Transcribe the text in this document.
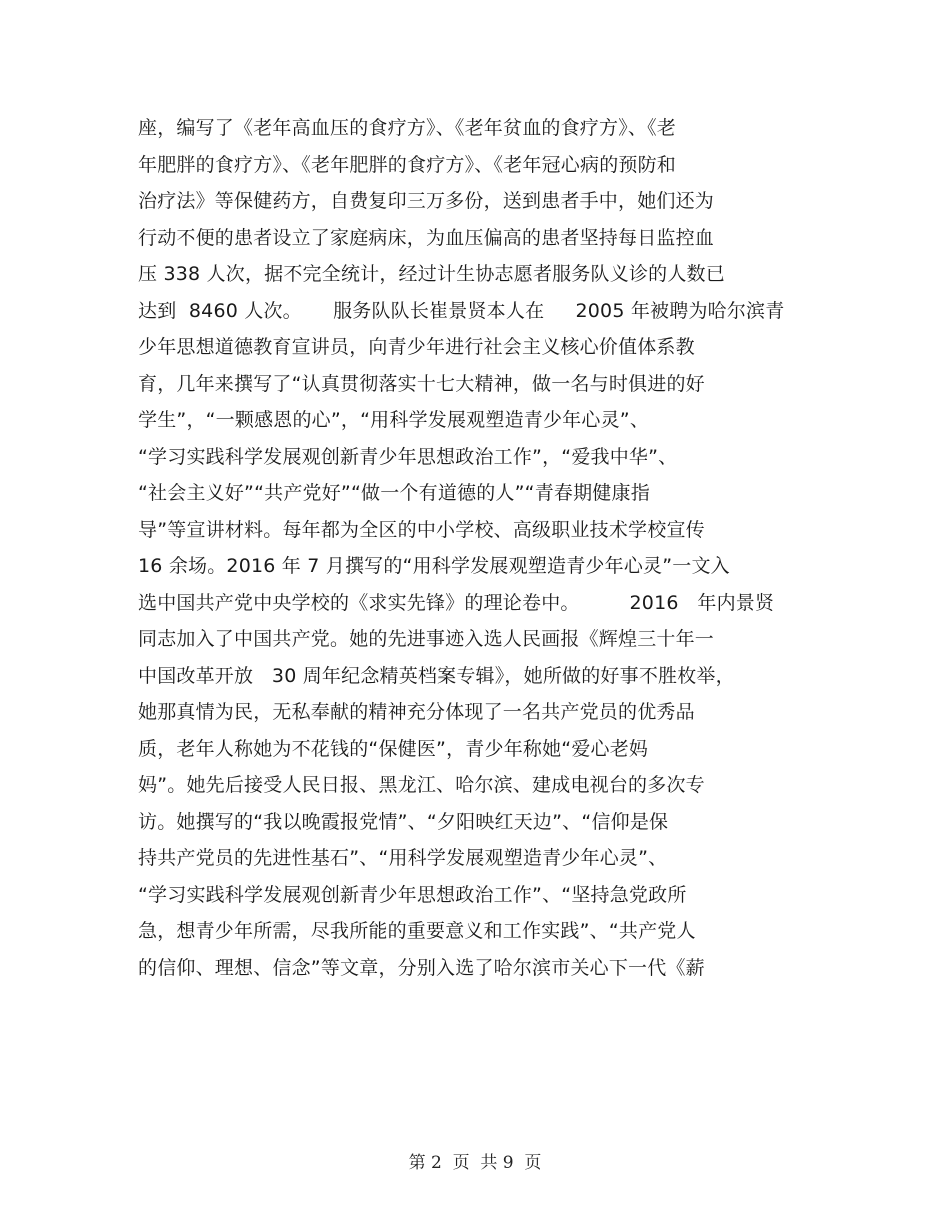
座，编写了《老年高血压的食疗方》、《老年贫血的食疗方》、《老
年肥胖的食疗方》、《老年肥胖的食疗方》、《老年冠心病的预防和
治疗法》等保健药方，自费复印三万多份，送到患者手中，她们还为
行动不便的患者设立了家庭病床，为血压偏高的患者坚持每日监控血
压 338 人次，据不完全统计，经过计生协志愿者服务队义诊的人数已
达到  8460 人次。     服务队队长崔景贤本人在     2005 年被聘为哈尔滨青
少年思想道德教育宣讲员，向青少年进行社会主义核心价值体系教
育，几年来撰写了“认真贯彻落实十七大精神，做一名与时俱进的好
学生”，“一颗感恩的心”，“用科学发展观塑造青少年心灵”、
“学习实践科学发展观创新青少年思想政治工作”，“爱我中华”、
“社会主义好”“共产党好”“做一个有道德的人”“青春期健康指
导”等宣讲材料。每年都为全区的中小学校、高级职业技术学校宣传
16 余场。2016 年 7 月撰写的“用科学发展观塑造青少年心灵”一文入
选中国共产党中央学校的《求实先锋》的理论卷中。        2016   年内景贤
同志加入了中国共产党。她的先进事迹入选人民画报《辉煌三十年一
中国改革开放   30 周年纪念精英档案专辑》，她所做的好事不胜枚举，
她那真情为民，无私奉献的精神充分体现了一名共产党员的优秀品
质，老年人称她为不花钱的“保健医”，青少年称她“爱心老妈
妈”。她先后接受人民日报、黑龙江、哈尔滨、建成电视台的多次专
访。她撰写的“我以晚霞报党情”、“夕阳映红天边”、“信仰是保
持共产党员的先进性基石”、“用科学发展观塑造青少年心灵”、
“学习实践科学发展观创新青少年思想政治工作”、“坚持急党政所
急，想青少年所需，尽我所能的重要意义和工作实践”、“共产党人
的信仰、理想、信念”等文章，分别入选了哈尔滨市关心下一代《薪
第 2  页  共 9  页
